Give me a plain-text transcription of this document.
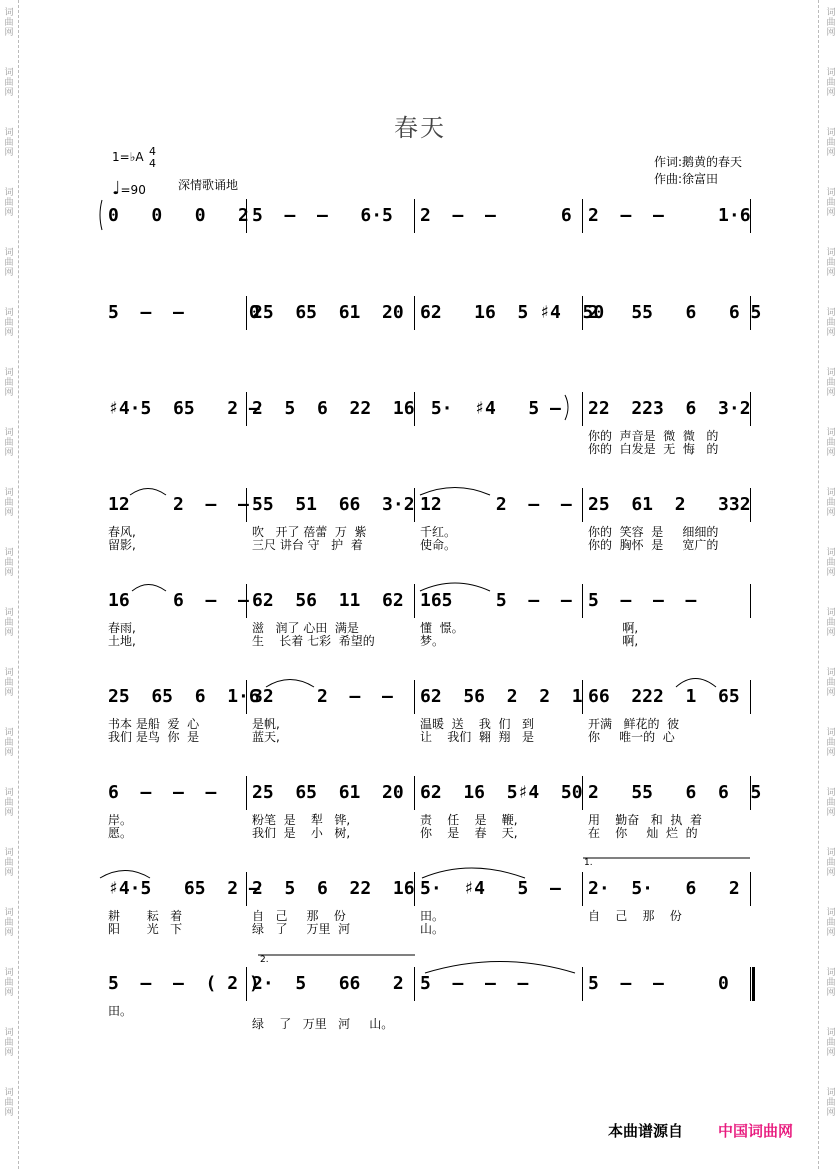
词曲网
词曲网
词曲网
词曲网
词曲网
词曲网
词曲网
词曲网
词曲网
词曲网
词曲网
词曲网
词曲网
词曲网
词曲网
词曲网
词曲网
词曲网
词曲网
词曲网
词曲网
词曲网
词曲网
词曲网
词曲网
词曲网
词曲网
词曲网
词曲网
词曲网
词曲网
词曲网
词曲网
词曲网
词曲网
词曲网
词曲网
词曲网
春天
1=♭A 4
4
♩=90	深情歌诵地
作词:鹅黄的春天
作曲:徐富田
0   0   0   2 5  –  –   6·5 2  –  –      6 2  –  –     1·6
5  –  –      0
25  65  61  20 62   16  5 ♯4  50
2   55   6   6 5
♯4·5  65   2 –
2  5  6  22  16 5·  ♯4   5 – 22  223  6  3·2
你的  声音是  微  微   的
你的  白发是  无  悔   的
12    2  –  –
春风,
留影,
55  51  66  3·2
吹   开了 蓓蕾  万  紫
三尺 讲台 守   护  着
12     2  –  –
千红。
使命。
25  61  2   332
你的  笑容  是     细细的
你的  胸怀  是     宽广的
16    6  –  –
春雨,
土地,
62  56  11  62
滋   润了 心田  满是
生    长着 七彩  希望的
165    5  –  –
懂  憬。
梦。
5  –  –  –
啊,
啊,
25  65  6  1·6
书本 是船  爱  心
我们 是鸟  你  是
32    2  –  –
是帆,
蓝天,
62  56  2  2  1
温暖  送    我  们   到
让    我们  翱  翔   是
66  222  1  65
开满   鲜花的  彼
你     唯一的  心
6  –  –  –
岸。
愿。
25  65  61  20
粉笔  是    犁   铧,
我们  是    小   树,
62  16  5♯4  50
责    任    是    鞭,
你    是    春    天,
2   55   6  6  5
用    勤奋   和  执  着
在    你     灿  烂  的
♯4·5   65  2 –
耕       耘   着
阳       光   下
2  5  6  22  16
自   己     那    份
绿   了     万里  河
5·  ♯4   5  –
田。
山。
2·  5·   6   2
自    己    那    份
5  –  –  ( 2 )
田。
2·  5   66   2
绿    了   万里   河     山。
5  –  –  –	5  –  –     0
1.
2.
本曲谱源自 中国词曲网
